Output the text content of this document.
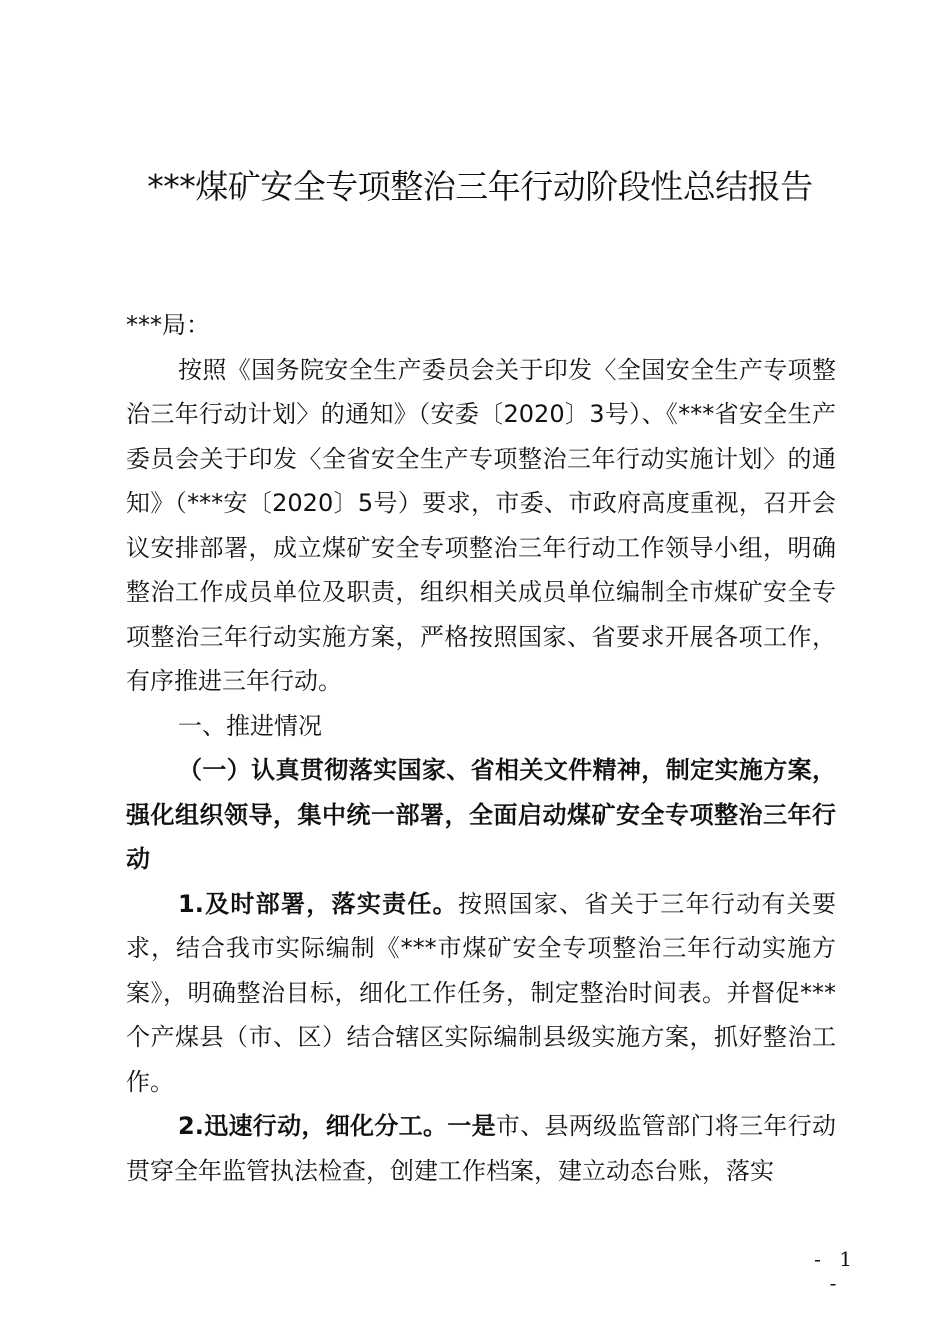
***煤矿安全专项整治三年行动阶段性总结报告

***局：

按照《国务院安全生产委员会关于印发〈全国安全生产专项整治三年行动计划〉的通知》（安委〔2020〕3号）、《***省安全生产委员会关于印发〈全省安全生产专项整治三年行动实施计划〉的通知》（***安〔2020〕5号）要求，市委、市政府高度重视，召开会议安排部署，成立煤矿安全专项整治三年行动工作领导小组，明确整治工作成员单位及职责，组织相关成员单位编制全市煤矿安全专项整治三年行动实施方案，严格按照国家、省要求开展各项工作，有序推进三年行动。

一、推进情况

（一）认真贯彻落实国家、省相关文件精神，制定实施方案，强化组织领导，集中统一部署，全面启动煤矿安全专项整治三年行动

1.及时部署，落实责任。按照国家、省关于三年行动有关要求，结合我市实际编制《***市煤矿安全专项整治三年行动实施方案》，明确整治目标，细化工作任务，制定整治时间表。并督促***个产煤县（市、区）结合辖区实际编制县级实施方案，抓好整治工作。

2.迅速行动，细化分工。一是市、县两级监管部门将三年行动贯穿全年监管执法检查，创建工作档案，建立动态台账，落实

- 1 -
